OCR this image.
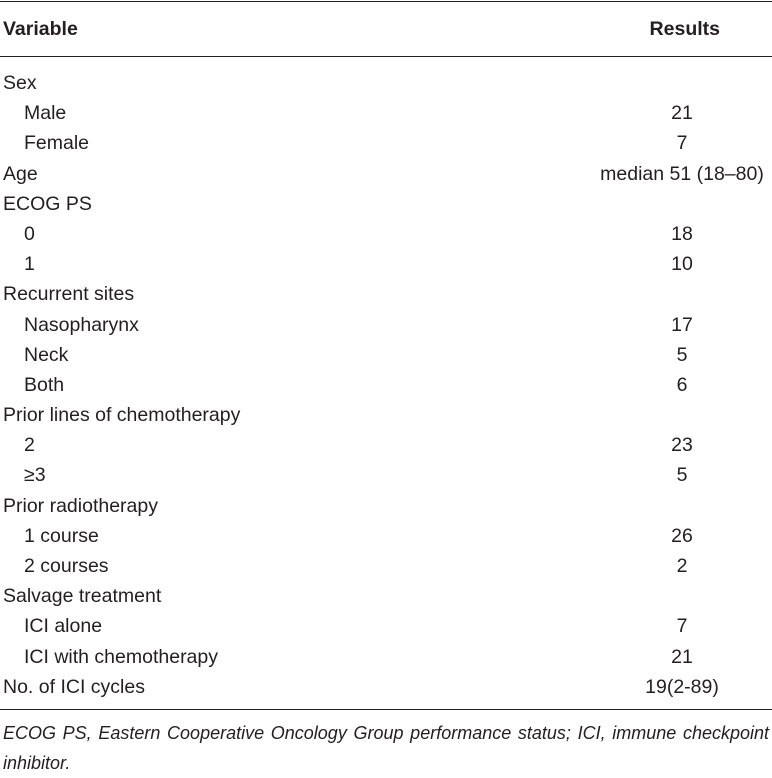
Variable	Results
Sex
Male	21
Female	7
Age	median 51 (18–80)
ECOG PS
0	18
1	10
Recurrent sites
Nasopharynx	17
Neck	5
Both	6
Prior lines of chemotherapy
2	23
≥3	5
Prior radiotherapy
1 course	26
2 courses	2
Salvage treatment
ICI alone	7
ICI with chemotherapy	21
No. of ICI cycles	19(2-89)
ECOG PS, Eastern Cooperative Oncology Group performance status; ICI, immune checkpoint inhibitor.
